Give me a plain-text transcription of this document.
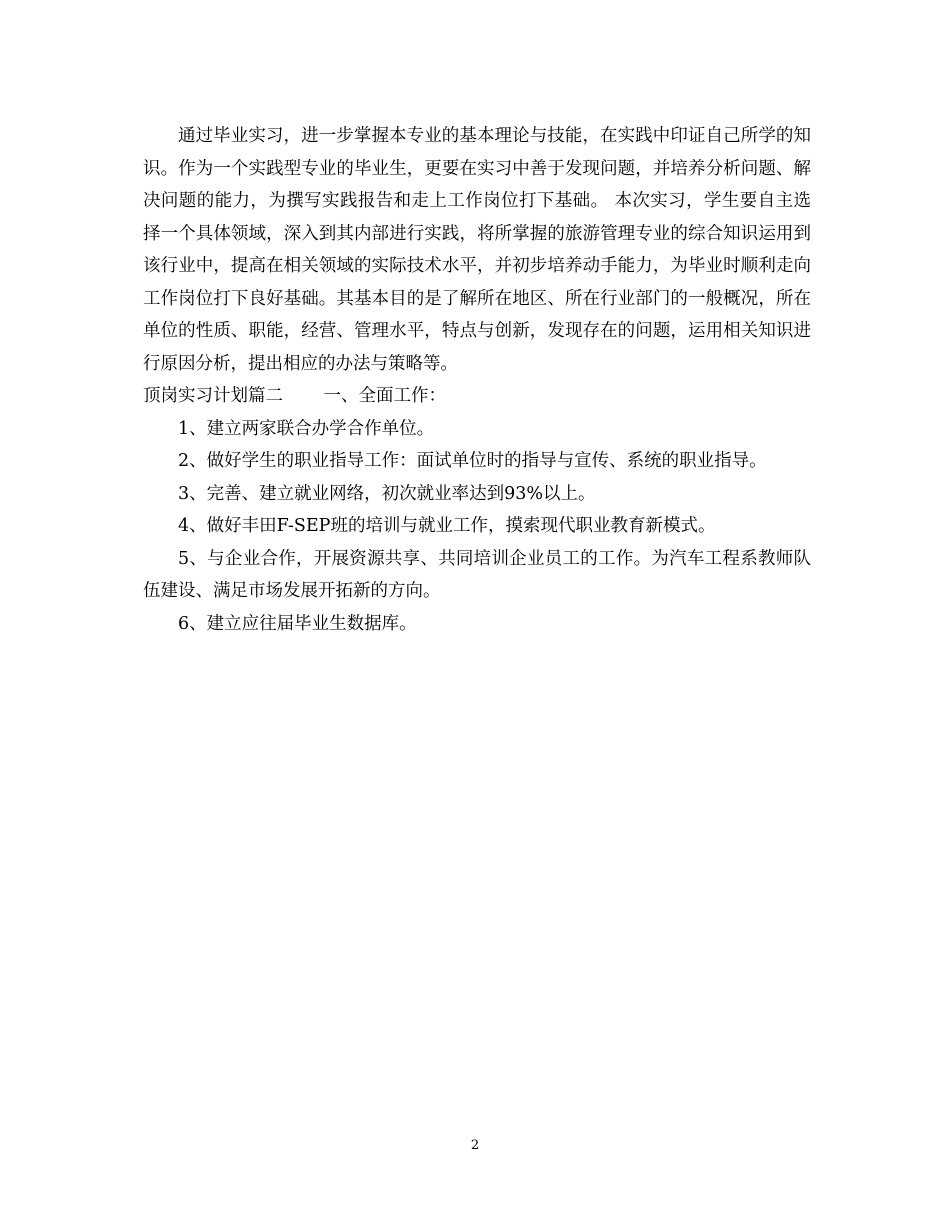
通过毕业实习，进一步掌握本专业的基本理论与技能，在实践中印证自己所学的知识。作为一个实践型专业的毕业生，更要在实习中善于发现问题，并培养分析问题、解决问题的能力，为撰写实践报告和走上工作岗位打下基础。 本次实习，学生要自主选择一个具体领域，深入到其内部进行实践，将所掌握的旅游管理专业的综合知识运用到该行业中，提高在相关领域的实际技术水平，并初步培养动手能力，为毕业时顺利走向工作岗位打下良好基础。其基本目的是了解所在地区、所在行业部门的一般概况，所在单位的性质、职能，经营、管理水平，特点与创新，发现存在的问题，运用相关知识进行原因分析，提出相应的办法与策略等。

顶岗实习计划篇二　　 一、全面工作：

1、建立两家联合办学合作单位。

2、做好学生的职业指导工作：面试单位时的指导与宣传、系统的职业指导。

3、完善、建立就业网络，初次就业率达到93%以上。

4、做好丰田F-SEP班的培训与就业工作，摸索现代职业教育新模式。

5、与企业合作，开展资源共享、共同培训企业员工的工作。为汽车工程系教师队伍建设、满足市场发展开拓新的方向。

6、建立应往届毕业生数据库。

2
